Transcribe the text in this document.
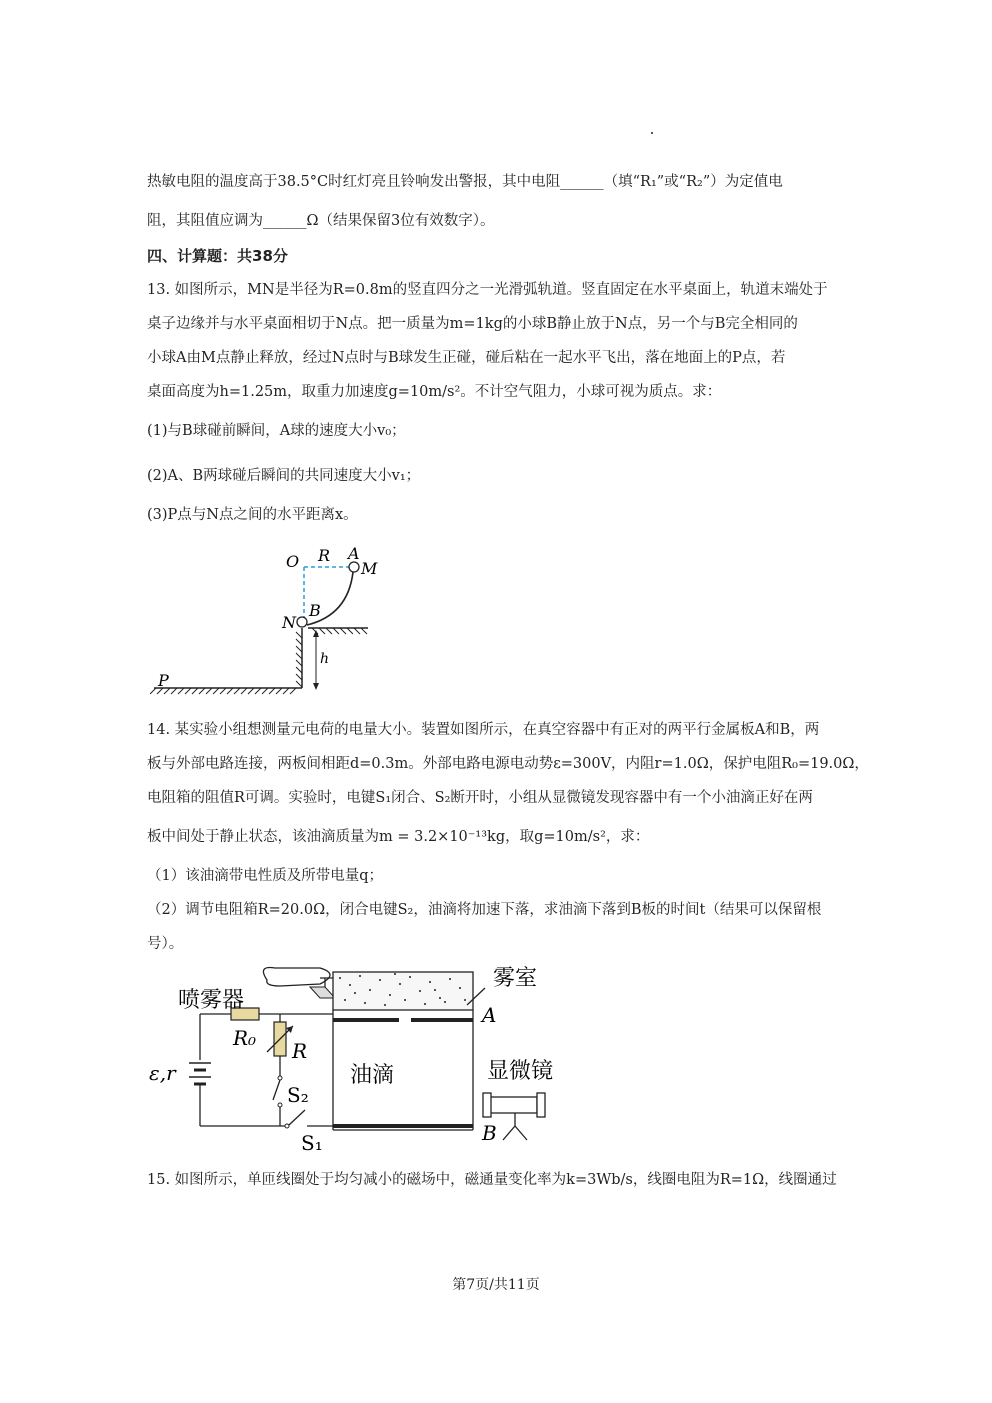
热敏电阻的温度高于38.5°C时红灯亮且铃响发出警报，其中电阻______（填“R₁”或“R₂”）为定值电
阻，其阻值应调为______Ω（结果保留3位有效数字）。
四、计算题：共38分
13. 如图所示，MN是半径为R=0.8m的竖直四分之一光滑弧轨道。竖直固定在水平桌面上，轨道末端处于
桌子边缘并与水平桌面相切于N点。把一质量为m=1kg的小球B静止放于N点，另一个与B完全相同的
小球A由M点静止释放，经过N点时与B球发生正碰，碰后粘在一起水平飞出，落在地面上的P点，若
桌面高度为h=1.25m，取重力加速度g=10m/s²。不计空气阻力，小球可视为质点。求：
(1)与B球碰前瞬间，A球的速度大小v₀；
(2)A、B两球碰后瞬间的共同速度大小v₁；
(3)P点与N点之间的水平距离x。
O R A
M
N
B
h
P
14. 某实验小组想测量元电荷的电量大小。装置如图所示，在真空容器中有正对的两平行金属板A和B，两
板与外部电路连接，两板间相距d=0.3m。外部电路电源电动势ε=300V，内阻r=1.0Ω，保护电阻R₀=19.0Ω，
电阻箱的阻值R可调。实验时，电键S₁闭合、S₂断开时，小组从显微镜发现容器中有一个小油滴正好在两
板中间处于静止状态，该油滴质量为m = 3.2×10⁻¹³kg，取g=10m/s²，求：
（1）该油滴带电性质及所带电量q；
（2）调节电阻箱R=20.0Ω，闭合电键S₂，油滴将加速下落，求油滴下落到B板的时间t（结果可以保留根
号）。
喷雾器
雾室
A
油滴	显微镜
B
R₀
R
ε,r
S₂
S₁
15. 如图所示，单匝线圈处于均匀减小的磁场中，磁通量变化率为k=3Wb/s，线圈电阻为R=1Ω，线圈通过
第7页/共11页
